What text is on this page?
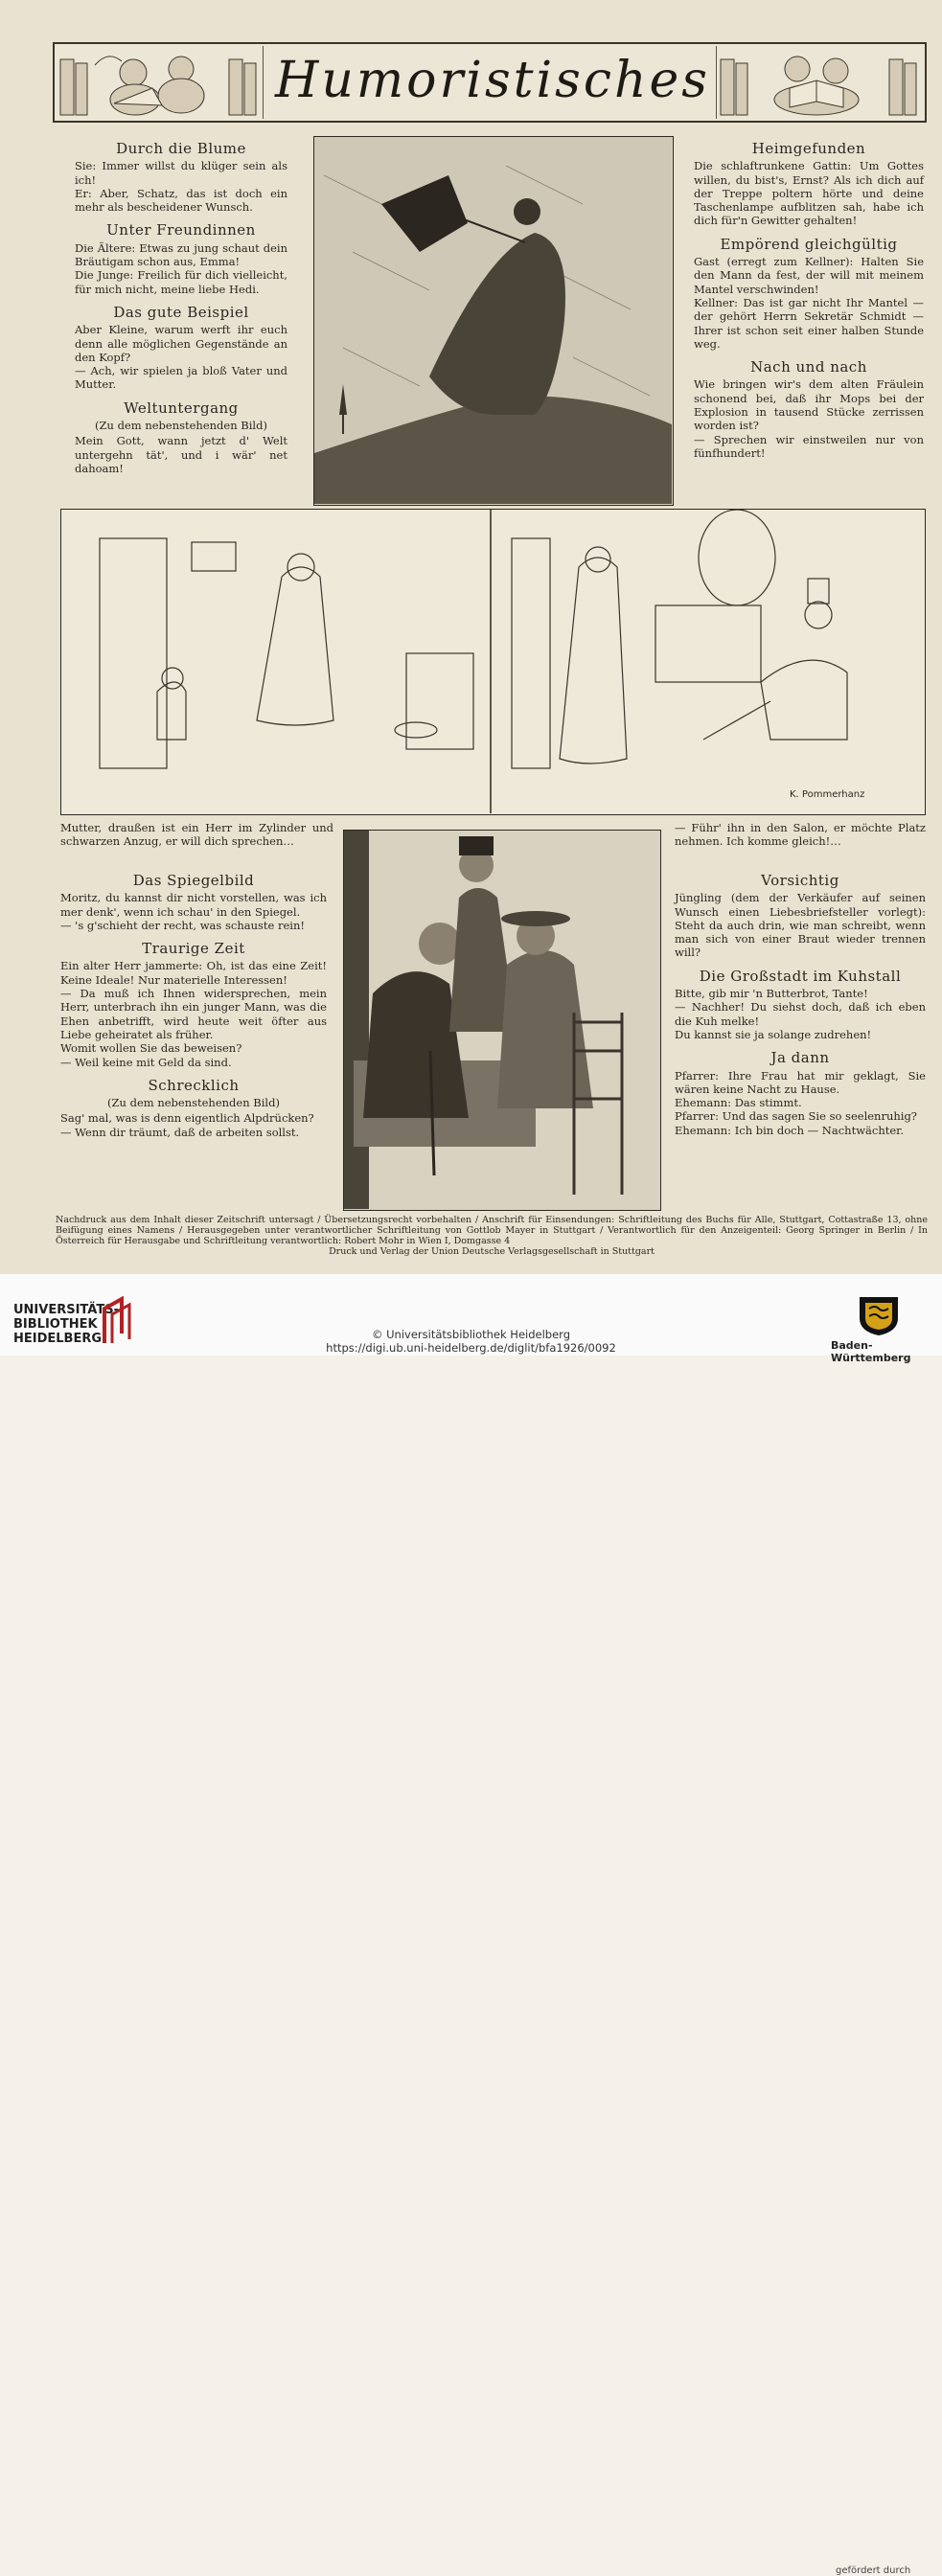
Humoristisches
Durch die Blume

Sie: Immer willst du klüger sein als ich!

Er: Aber, Schatz, das ist doch ein mehr als bescheidener Wunsch.

Unter Freundinnen

Die Ältere: Etwas zu jung schaut dein Bräutigam schon aus, Emma!

Die Junge: Freilich für dich vielleicht, für mich nicht, meine liebe Hedi.

Das gute Beispiel

Aber Kleine, warum werft ihr euch denn alle möglichen Gegenstände an den Kopf?

— Ach, wir spielen ja bloß Vater und Mutter.

Weltuntergang

(Zu dem nebenstehenden Bild)

Mein Gott, wann jetzt d' Welt untergehn tät', und i wär' net dahoam!

Heimgefunden

Die schlaftrunkene Gattin: Um Gottes willen, du bist's, Ernst? Als ich dich auf der Treppe poltern hörte und deine Taschenlampe aufblitzen sah, habe ich dich für'n Gewitter gehalten!

Empörend gleichgültig

Gast (erregt zum Kellner): Halten Sie den Mann da fest, der will mit meinem Mantel verschwinden!

Kellner: Das ist gar nicht Ihr Mantel — der gehört Herrn Sekretär Schmidt — Ihrer ist schon seit einer halben Stunde weg.

Nach und nach

Wie bringen wir's dem alten Fräulein schonend bei, daß ihr Mops bei der Explosion in tausend Stücke zerrissen worden ist?

— Sprechen wir einstweilen nur von fünfhundert!

K. Pommerhanz

Mutter, draußen ist ein Herr im Zylinder und schwarzen Anzug, er will dich sprechen…

— Führ' ihn in den Salon, er möchte Platz nehmen. Ich komme gleich!…

Das Spiegelbild

Moritz, du kannst dir nicht vorstellen, was ich mer denk', wenn ich schau' in den Spiegel.

— 's g'schieht der recht, was schauste rein!

Traurige Zeit

Ein alter Herr jammerte: Oh, ist das eine Zeit! Keine Ideale! Nur materielle Interessen!

— Da muß ich Ihnen widersprechen, mein Herr, unterbrach ihn ein junger Mann, was die Ehen anbetrifft, wird heute weit öfter aus Liebe geheiratet als früher.

Womit wollen Sie das beweisen?

— Weil keine mit Geld da sind.

Schrecklich

(Zu dem nebenstehenden Bild)

Sag' mal, was is denn eigentlich Alpdrücken?

— Wenn dir träumt, daß de arbeiten sollst.

Vorsichtig

Jüngling (dem der Verkäufer auf seinen Wunsch einen Liebesbriefsteller vorlegt): Steht da auch drin, wie man schreibt, wenn man sich von einer Braut wieder trennen will?

Die Großstadt im Kuhstall

Bitte, gib mir 'n Butterbrot, Tante!

— Nachher! Du siehst doch, daß ich eben die Kuh melke!

Du kannst sie ja solange zudrehen!

Ja dann

Pfarrer: Ihre Frau hat mir geklagt, Sie wären keine Nacht zu Hause.

Ehemann: Das stimmt.

Pfarrer: Und das sagen Sie so seelenruhig?

Ehemann: Ich bin doch — Nachtwächter.

Nachdruck aus dem Inhalt dieser Zeitschrift untersagt / Übersetzungsrecht vorbehalten / Anschrift für Einsendungen: Schriftleitung des Buchs für Alle, Stuttgart, Cottastraße 13, ohne Beifügung eines Namens / Herausgegeben unter verantwortlicher Schriftleitung von Gottlob Mayer in Stuttgart / Verantwortlich für den Anzeigenteil: Georg Springer in Berlin / In Österreich für Herausgabe und Schriftleitung verantwortlich: Robert Mohr in Wien I, Domgasse 4
Druck und Verlag der Union Deutsche Verlagsgesellschaft in Stuttgart
UNIVERSITÄTS-
BIBLIOTHEK
HEIDELBERG
gefördert durch
Baden-Württemberg
© Universitätsbibliothek Heidelberg
https://digi.ub.uni-heidelberg.de/diglit/bfa1926/0092
